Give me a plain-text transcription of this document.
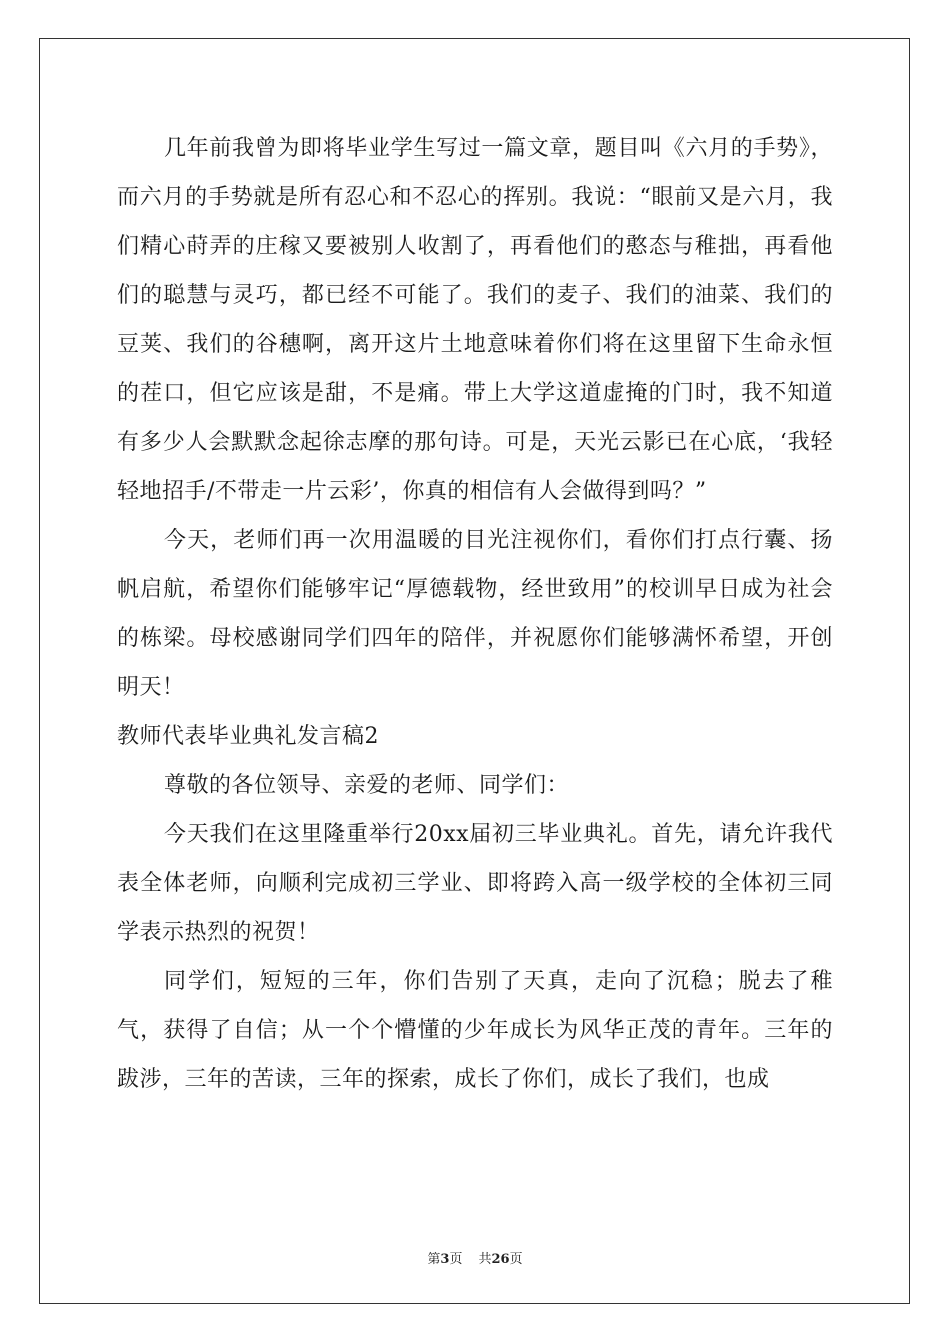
几年前我曾为即将毕业学生写过一篇文章，题目叫《六月的手势》，而六月的手势就是所有忍心和不忍心的挥别。我说：“眼前又是六月，我们精心莳弄的庄稼又要被别人收割了，再看他们的憨态与稚拙，再看他们的聪慧与灵巧，都已经不可能了。我们的麦子、我们的油菜、我们的豆荚、我们的谷穗啊，离开这片土地意味着你们将在这里留下生命永恒的茬口，但它应该是甜，不是痛。带上大学这道虚掩的门时，我不知道有多少人会默默念起徐志摩的那句诗。可是，天光云影已在心底，‘我轻轻地招手/不带走一片云彩’，你真的相信有人会做得到吗？”

今天，老师们再一次用温暖的目光注视你们，看你们打点行囊、扬帆启航，希望你们能够牢记“厚德载物，经世致用”的校训早日成为社会的栋梁。母校感谢同学们四年的陪伴，并祝愿你们能够满怀希望，开创明天！

教师代表毕业典礼发言稿2

尊敬的各位领导、亲爱的老师、同学们：

今天我们在这里隆重举行20xx届初三毕业典礼。首先，请允许我代表全体老师，向顺利完成初三学业、即将跨入高一级学校的全体初三同学表示热烈的祝贺！

同学们，短短的三年，你们告别了天真，走向了沉稳；脱去了稚气，获得了自信；从一个个懵懂的少年成长为风华正茂的青年。三年的跋涉，三年的苦读，三年的探索，成长了你们，成长了我们，也成

第3页 共26页
